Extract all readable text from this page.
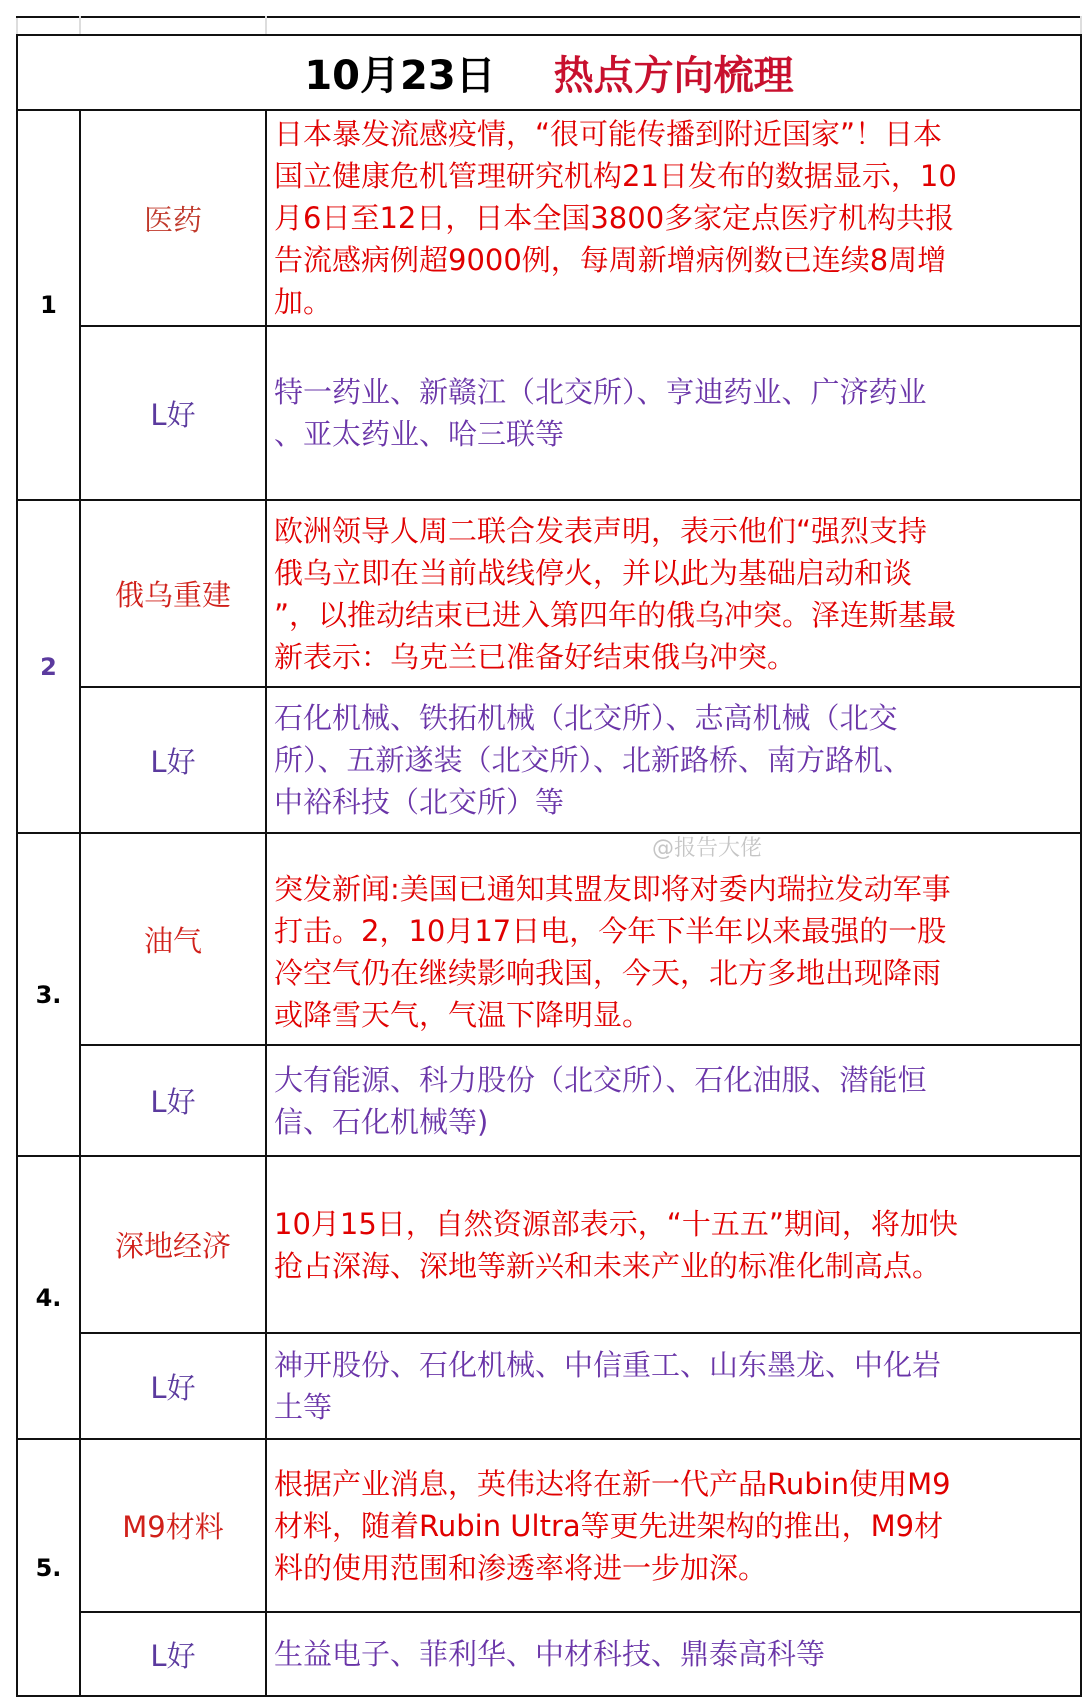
10月23日 热点方向梳理		
1	医药	日本暴发流感疫情，“很可能传播到附近国家”！日本
国立健康危机管理研究机构21日发布的数据显示，10
月6日至12日，日本全国3800多家定点医疗机构共报
告流感病例超9000例，每周新增病例数已连续8周增
加。

	L好	特一药业、新赣江（北交所）、亨迪药业、广济药业
、亚太药业、哈三联等

2	俄乌重建	欧洲领导人周二联合发表声明，表示他们“强烈支持
俄乌立即在当前战线停火，并以此为基础启动和谈
”，以推动结束已进入第四年的俄乌冲突。泽连斯基最
新表示：乌克兰已准备好结束俄乌冲突。

	L好	石化机械、铁拓机械（北交所）、志高机械（北交
所）、五新遂装（北交所）、北新路桥、南方路机、
中裕科技（北交所）等

3.	油气	突发新闻:美国已通知其盟友即将对委内瑞拉发动军事
打击。2，10月17日电，今年下半年以来最强的一股
冷空气仍在继续影响我国，今天，北方多地出现降雨
或降雪天气，气温下降明显。

	L好	大有能源、科力股份（北交所）、石化油服、潜能恒
信、石化机械等)

4.	深地经济	10月15日，自然资源部表示，“十五五”期间，将加快
抢占深海、深地等新兴和未来产业的标准化制高点。

	L好	神开股份、石化机械、中信重工、山东墨龙、中化岩
土等

5.	M9材料	根据产业消息，英伟达将在新一代产品Rubin使用M9
材料，随着Rubin Ultra等更先进架构的推出，M9材
料的使用范围和渗透率将进一步加深。

	L好	生益电子、菲利华、中材科技、鼎泰高科等
@报告大佬
